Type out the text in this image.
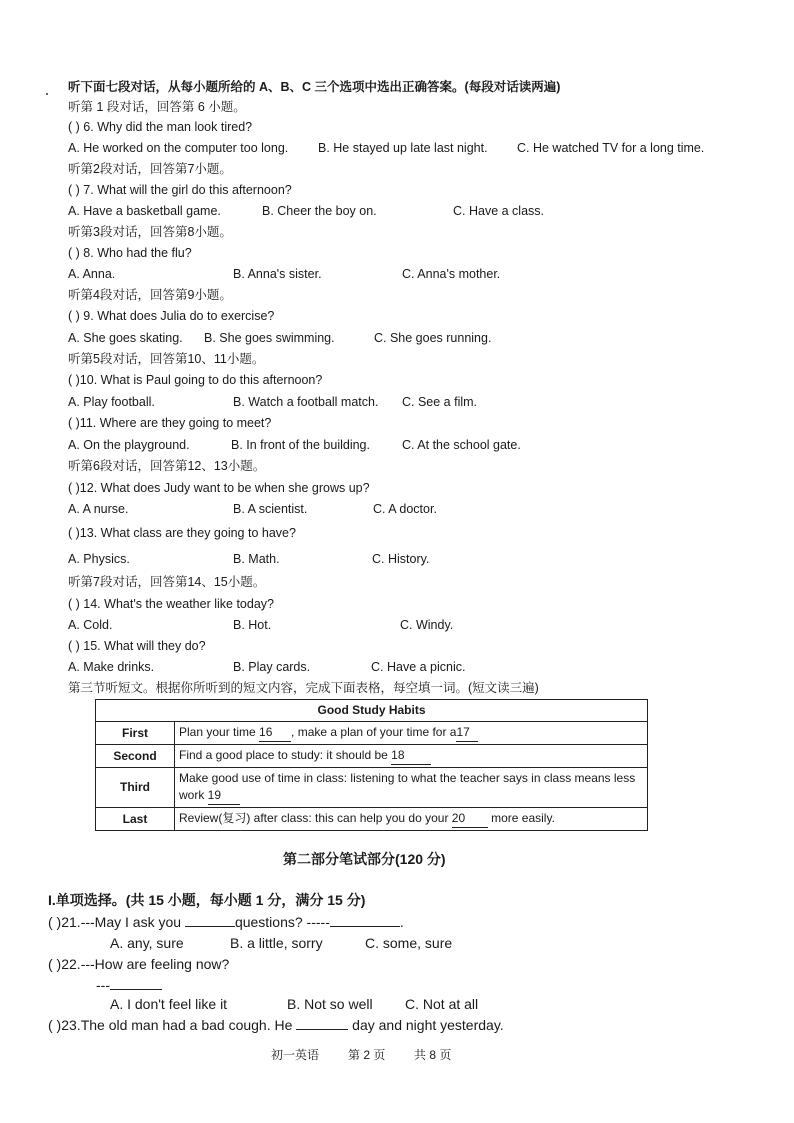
听下面七段对话，从每小题所给的 A、B、C 三个选项中选出正确答案。(每段对话读两遍)
听第 1 段对话，回答第 6 小题。
( ) 6. Why did the man look tired?
A. He worked on the computer too long. B. He stayed up late last night. C. He watched TV for a long time.
听第2段对话，回答第7小题。
( ) 7. What will the girl do this afternoon?
A. Have a basketball game.	B. Cheer the boy on.	C. Have a class.
听第3段对话，回答第8小题。
( ) 8. Who had the flu?
A. Anna.	B. Anna's sister.	C. Anna's mother.
听第4段对话，回答第9小题。
( ) 9. What does Julia do to exercise?
A. She goes skating. B. She goes swimming.	C. She goes running.
听第5段对话，回答第10、11小题。
( )10. What is Paul going to do this afternoon?
A. Play football.	B. Watch a football match. C. See a film.
( )11. Where are they going to meet?
A. On the playground.	B. In front of the building.	C. At the school gate.
听第6段对话，回答第12、13小题。
( )12. What does Judy want to be when she grows up?
A. A nurse.	B. A scientist.	C. A doctor.
( )13. What class are they going to have?
A. Physics.	B. Math.	C. History.
听第7段对话，回答第14、15小题。
( ) 14. What's the weather like today?
A. Cold.	B. Hot.	C. Windy.
( ) 15. What will they do?
A. Make drinks.	B. Play cards.	C. Have a picnic.
第三节听短文。根据你所听到的短文内容，完成下面表格，每空填一词。(短文读三遍)
Good Study Habits	
First	Plan your time 16 , make a plan of your time for a17
Second	Find a good place to study: it should be 18
Third	Make good use of time in class: listening to what the teacher says in class means less work 19
Last	Review(复习) after class: this can help you do your 20 more easily.
第二部分笔试部分(120 分)
I.单项选择。(共 15 小题，每小题 1 分，满分 15 分)
( )21.---May I ask you	questions? -----	.
A. any, sure	B. a little, sorry	C. some, sure
( )22.---How are feeling now?
---
A. I don't feel like it	B. Not so well C. Not at all
( )23.The old man had a bad cough. He	day and night yesterday.
初一英语 第 2 页 共 8 页
